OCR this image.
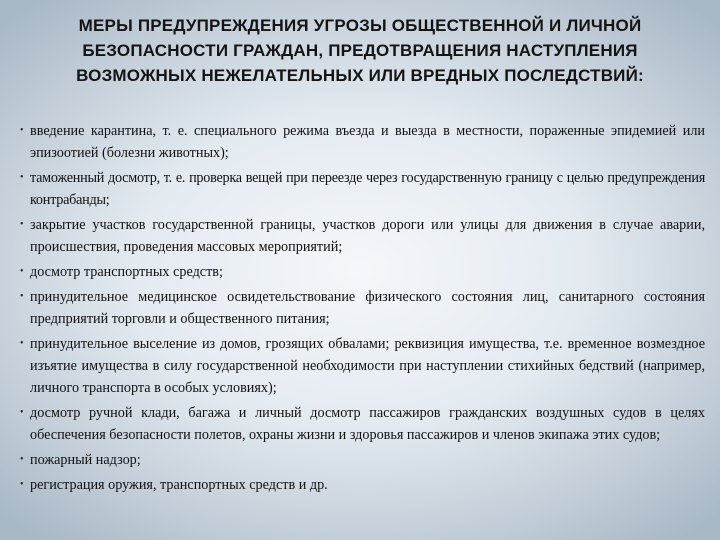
МЕРЫ ПРЕДУПРЕЖДЕНИЯ УГРОЗЫ ОБЩЕСТВЕННОЙ И ЛИЧНОЙ БЕЗОПАСНОСТИ ГРАЖДАН, ПРЕДОТВРАЩЕНИЯ НАСТУПЛЕНИЯ ВОЗМОЖНЫХ НЕЖЕЛАТЕЛЬНЫХ ИЛИ ВРЕДНЫХ ПОСЛЕДСТВИЙ:
• введение карантина, т. е. специального режима въезда и выезда в местности, пораженные эпидемией или эпизоотией (болезни животных);
• таможенный досмотр, т. е. проверка вещей при переезде через государственную границу с целью предупреждения контрабанды;
• закрытие участков государственной границы, участков дороги или улицы для движения в случае аварии, происшествия, проведения массовых мероприятий;
• досмотр транспортных средств;
• принудительное медицинское освидетельствование физического состояния лиц, санитарного состояния предприятий торговли и общественного питания;
• принудительное выселение из домов, грозящих обвалами; реквизиция имущества, т.е. временное возмездное изъятие имущества в силу государственной необходимости при наступлении стихийных бедствий (например, личного транспорта в особых условиях);
• досмотр ручной клади, багажа и личный досмотр пассажиров гражданских воздушных судов в целях обеспечения безопасности полетов, охраны жизни и здоровья пассажиров и членов экипажа этих судов;
• пожарный надзор;
• регистрация оружия, транспортных средств и др.
